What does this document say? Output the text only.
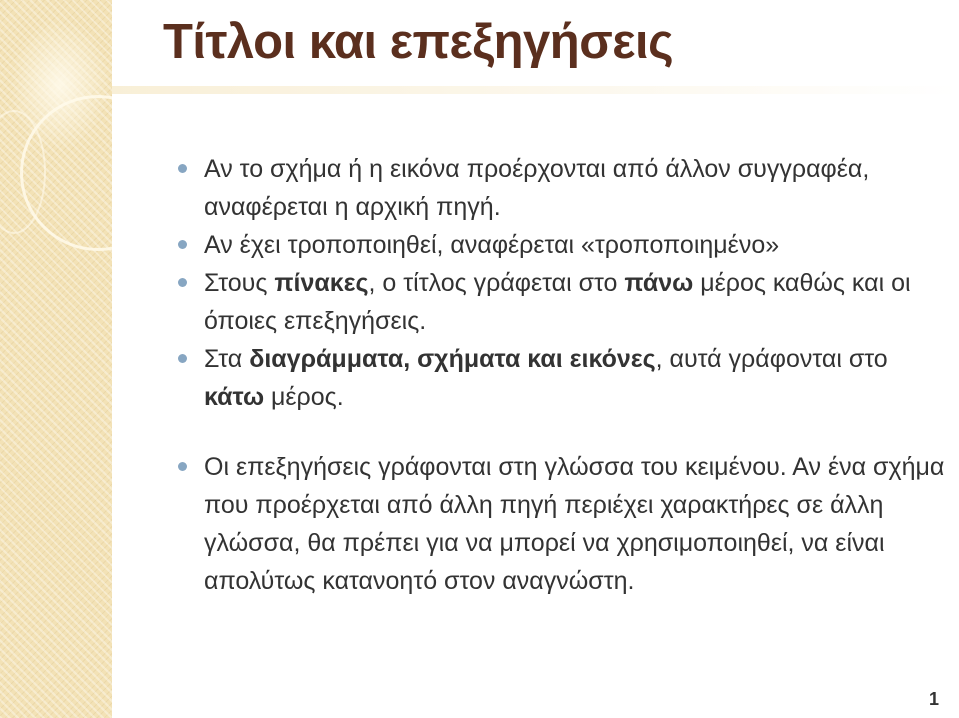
Τίτλοι και επεξηγήσεις
Αν το σχήμα ή η εικόνα προέρχονται από άλλον συγγραφέα, αναφέρεται η αρχική πηγή.
Αν έχει τροποποιηθεί, αναφέρεται «τροποποιημένο»
Στους πίνακες, ο τίτλος γράφεται στο πάνω μέρος καθώς και οι όποιες επεξηγήσεις.
Στα διαγράμματα, σχήματα και εικόνες, αυτά γράφονται στο κάτω μέρος.
Οι επεξηγήσεις γράφονται στη γλώσσα του κειμένου. Αν ένα σχήμα που προέρχεται από άλλη πηγή περιέχει χαρακτήρες σε άλλη γλώσσα, θα πρέπει για να μπορεί να χρησιμοποιηθεί, να είναι απολύτως κατανοητό στον αναγνώστη.
1
